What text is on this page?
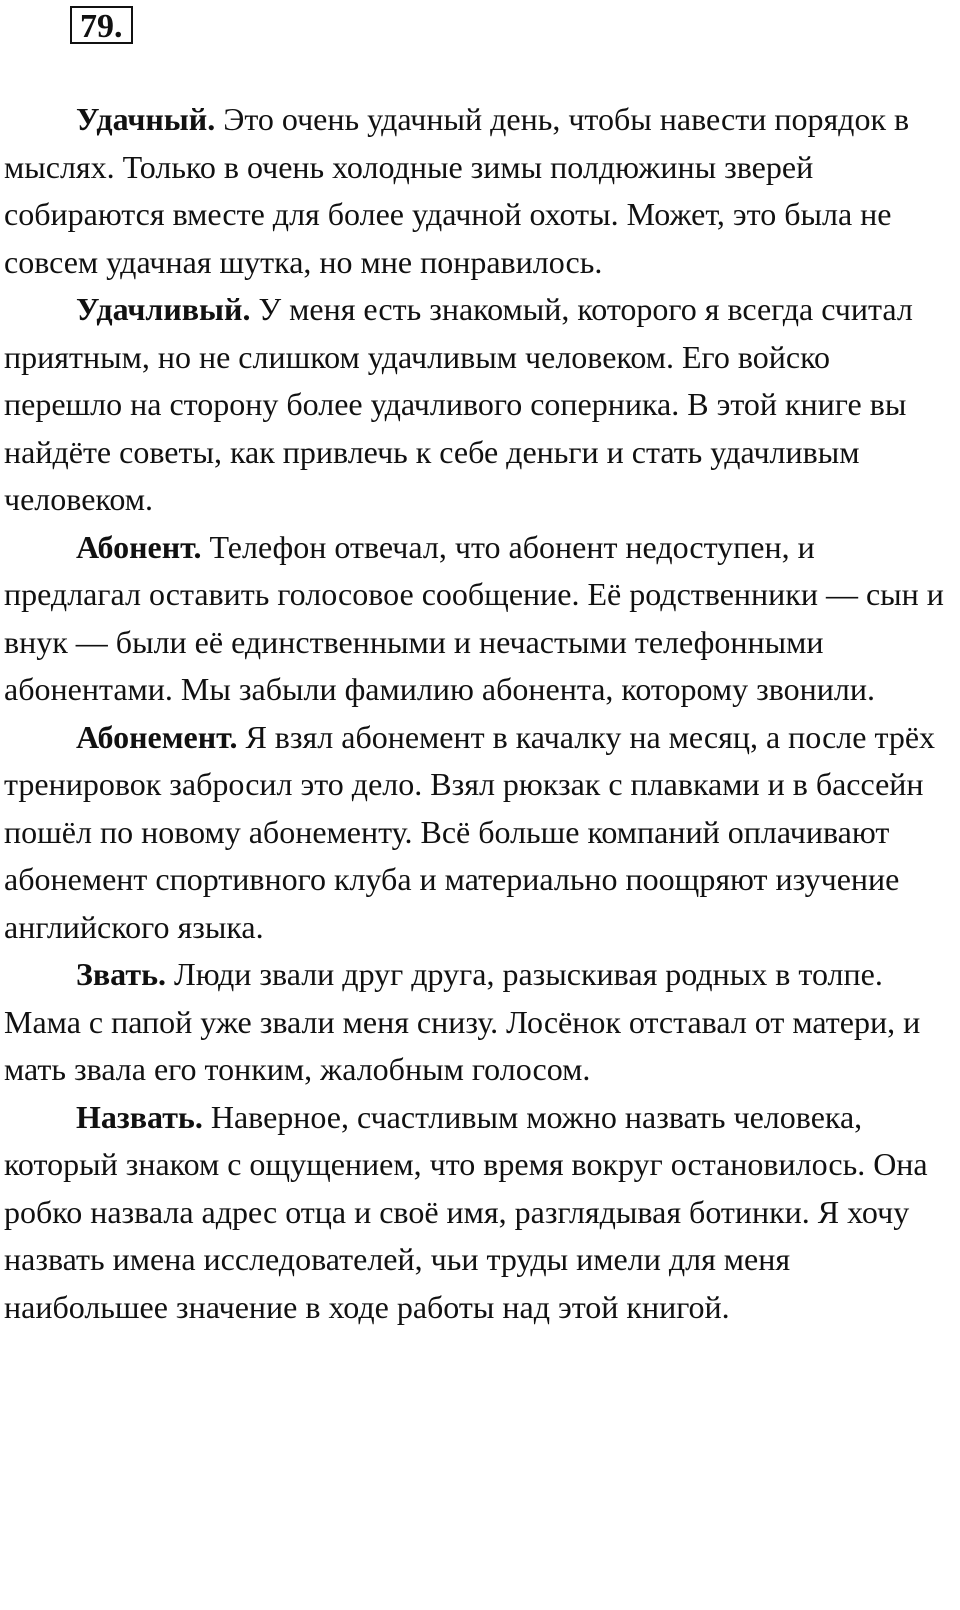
79.

Удачный. Это очень удачный день, чтобы навести порядок в мыслях. Только в очень холодные зимы полдюжины зверей собираются вместе для более удачной охоты. Может, это была не совсем удачная шутка, но мне понравилось.

Удачливый. У меня есть знакомый, которого я всегда считал приятным, но не слишком удачливым человеком. Его войско перешло на сторону более удачливого соперника. В этой книге вы найдёте советы, как привлечь к себе деньги и стать удачливым человеком.

Абонент. Телефон отвечал, что абонент недоступен, и предлагал оставить голосовое сообщение. Её родственники — сын и внук — были её единственными и нечастыми телефонными абонентами. Мы забыли фамилию абонента, которому звонили.

Абонемент. Я взял абонемент в качалку на месяц, а после трёх тренировок забросил это дело. Взял рюкзак с плавками и в бассейн пошёл по новому абонементу. Всё больше компаний оплачивают абонемент спортивного клуба и материально поощряют изучение английского языка.

Звать. Люди звали друг друга, разыскивая родных в толпе. Мама с папой уже звали меня снизу. Лосёнок отставал от матери, и мать звала его тонким, жалобным голосом.

Назвать. Наверное, счастливым можно назвать человека, который знаком с ощущением, что время вокруг остановилось. Она робко назвала адрес отца и своё имя, разглядывая ботинки. Я хочу назвать имена исследователей, чьи труды имели для меня наибольшее значение в ходе работы над этой книгой.
